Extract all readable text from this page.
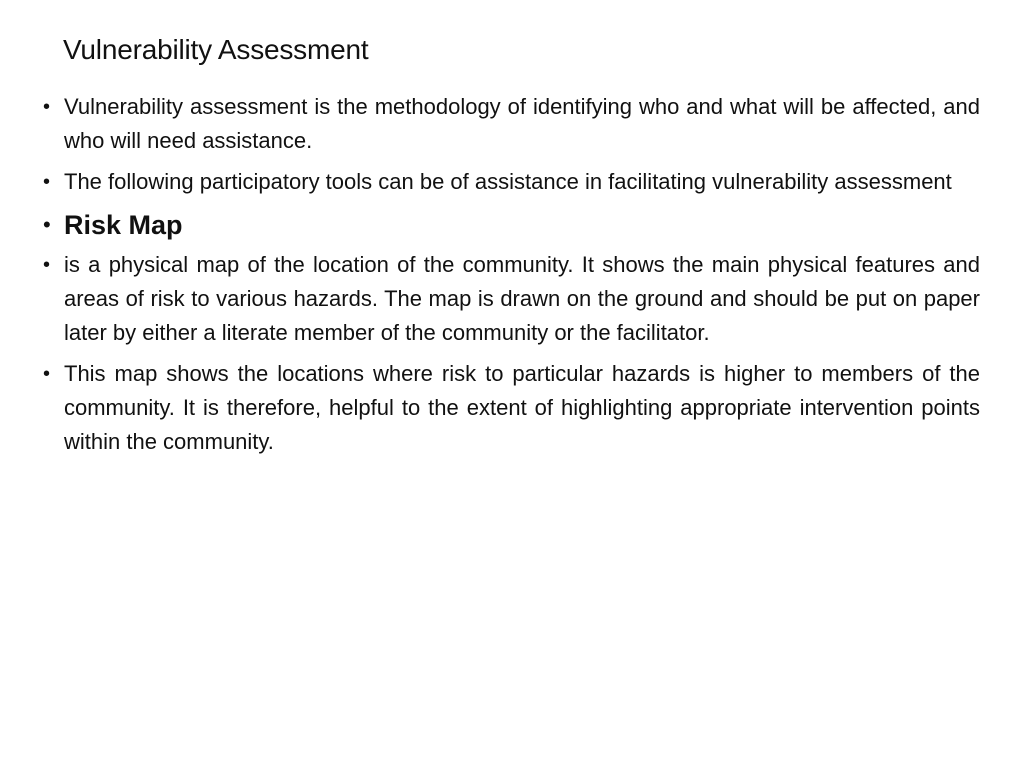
Vulnerability Assessment
• Vulnerability assessment is the methodology of identifying who and what will be affected, and who will need assistance.
• The following participatory tools can be of assistance in facilitating vulnerability assessment
• Risk Map
• is a physical map of the location of the community. It shows the main physical features and areas of risk to various hazards. The map is drawn on the ground and should be put on paper later by either a literate member of the community or the facilitator.
• This map shows the locations where risk to particular hazards is higher to members of the community. It is therefore, helpful to the extent of highlighting appropriate intervention points within the community.
